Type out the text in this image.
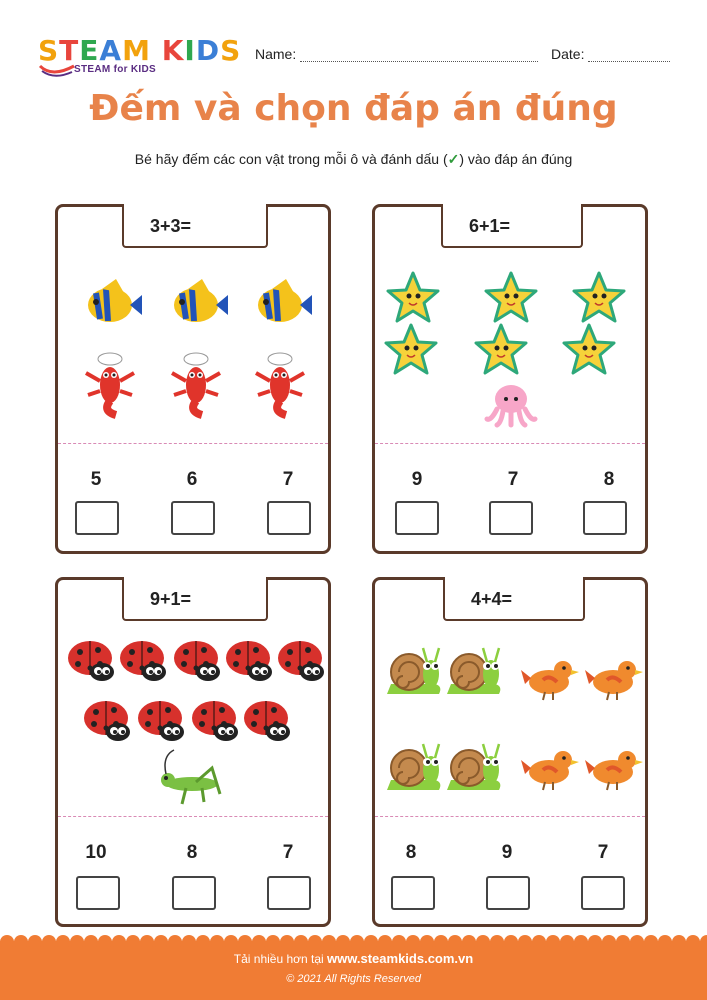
STEAM KIDS
STEAM for KIDS
Name:	Date:
Đếm và chọn đáp án đúng
Bé hãy đếm các con vật trong mỗi ô và đánh dấu (✓) vào đáp án đúng
3+3=
5	6	7
6+1=
9	7	8
9+1=
10	8	7
4+4=
8	9	7
Tải nhiều hơn tại www.steamkids.com.vn
© 2021 All Rights Reserved
